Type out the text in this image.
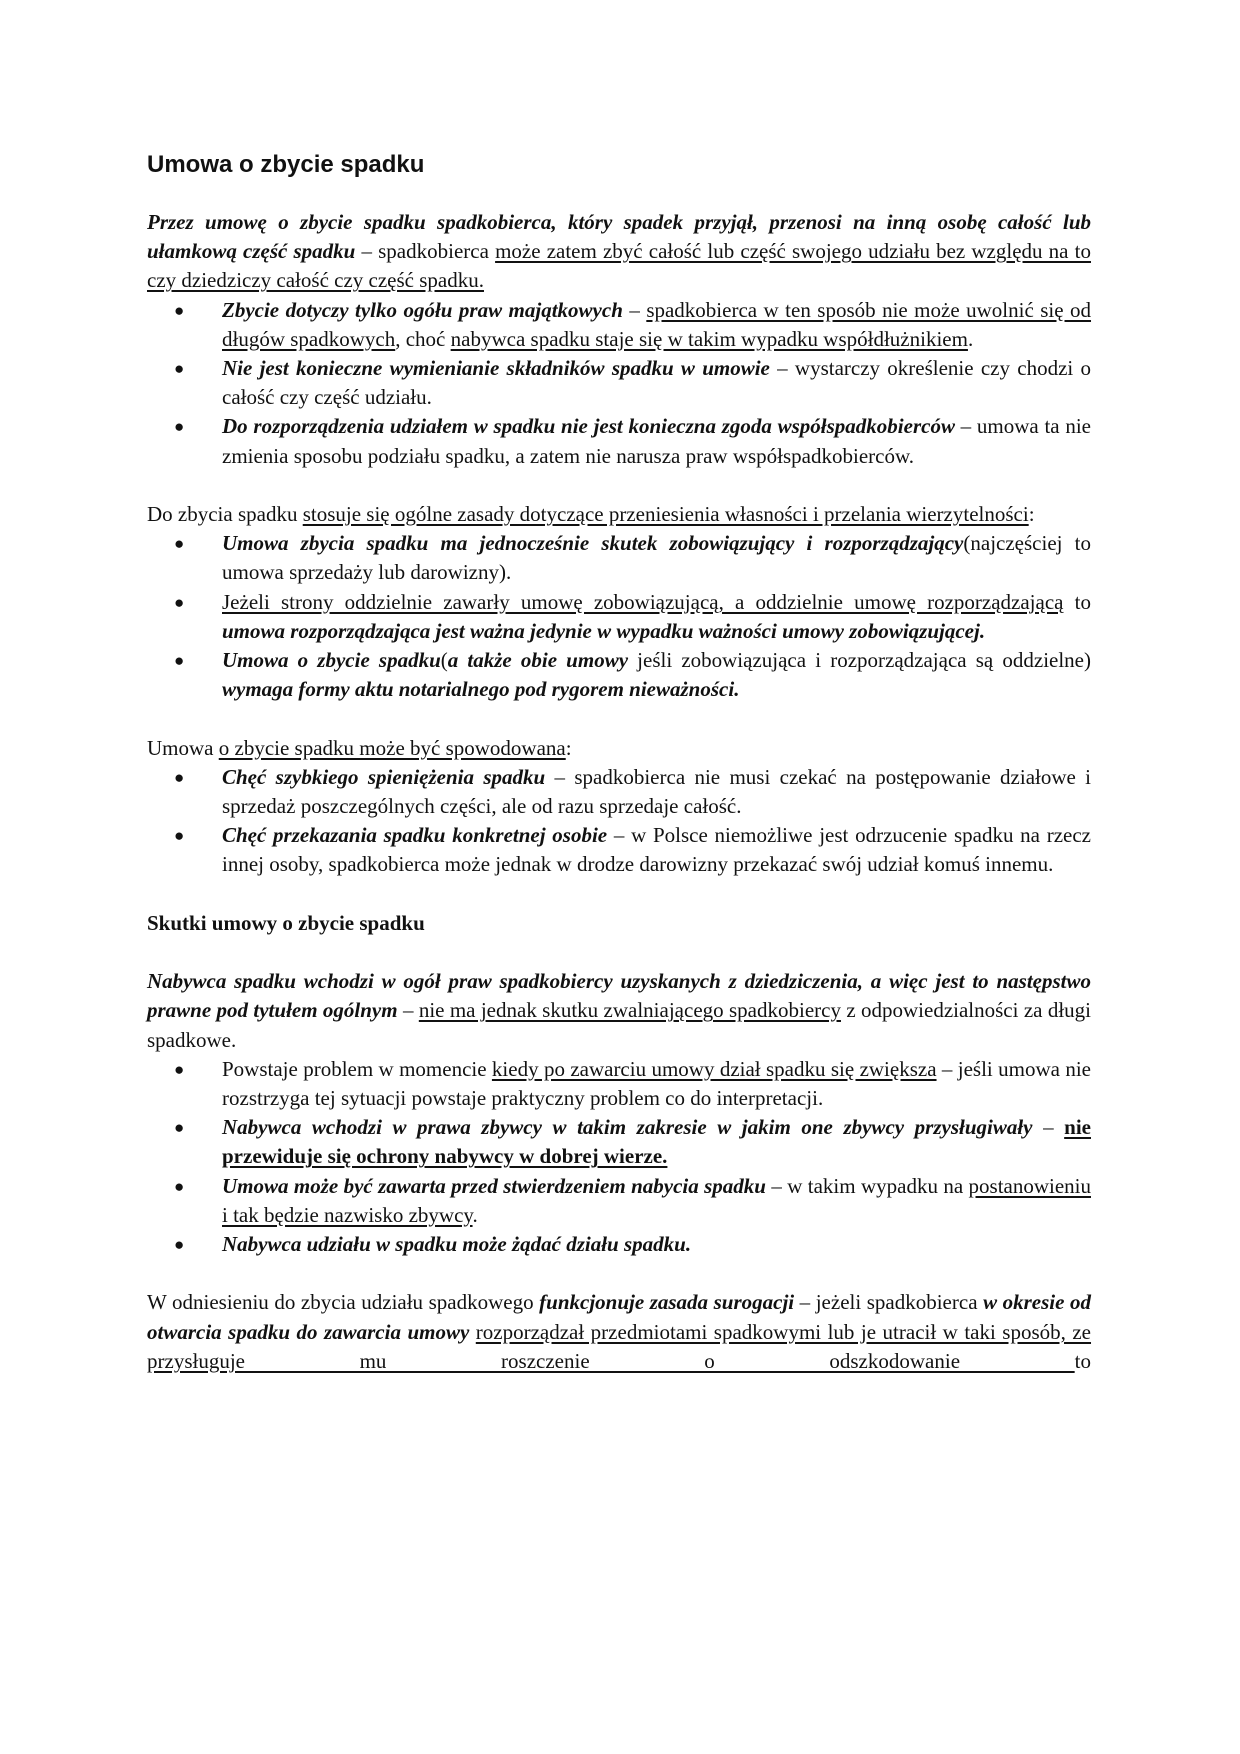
Umowa o zbycie spadku

Przez umowę o zbycie spadku spadkobierca, który spadek przyjął, przenosi na inną osobę całość lub ułamkową część spadku – spadkobierca może zatem zbyć całość lub część swojego udziału bez względu na to czy dziedziczy całość czy część spadku.

● Zbycie dotyczy tylko ogółu praw majątkowych – spadkobierca w ten sposób nie może uwolnić się od długów spadkowych, choć nabywca spadku staje się w takim wypadku współdłużnikiem.
● Nie jest konieczne wymienianie składników spadku w umowie – wystarczy określenie czy chodzi o całość czy część udziału.
● Do rozporządzenia udziałem w spadku nie jest konieczna zgoda współspadkobierców – umowa ta nie zmienia sposobu podziału spadku, a zatem nie narusza praw współspadkobierców.

Do zbycia spadku stosuje się ogólne zasady dotyczące przeniesienia własności i przelania wierzytelności:

● Umowa zbycia spadku ma jednocześnie skutek zobowiązujący i rozporządzający(najczęściej to umowa sprzedaży lub darowizny).
● Jeżeli strony oddzielnie zawarły umowę zobowiązującą, a oddzielnie umowę rozporządzającą to umowa rozporządzająca jest ważna jedynie w wypadku ważności umowy zobowiązującej.
● Umowa o zbycie spadku(a także obie umowy jeśli zobowiązująca i rozporządzająca są oddzielne) wymaga formy aktu notarialnego pod rygorem nieważności.

Umowa o zbycie spadku może być spowodowana:

● Chęć szybkiego spieniężenia spadku – spadkobierca nie musi czekać na postępowanie działowe i sprzedaż poszczególnych części, ale od razu sprzedaje całość.
● Chęć przekazania spadku konkretnej osobie – w Polsce niemożliwe jest odrzucenie spadku na rzecz innej osoby, spadkobierca może jednak w drodze darowizny przekazać swój udział komuś innemu.
Skutki umowy o zbycie spadku

Nabywca spadku wchodzi w ogół praw spadkobiercy uzyskanych z dziedziczenia, a więc jest to następstwo prawne pod tytułem ogólnym – nie ma jednak skutku zwalniającego spadkobiercy z odpowiedzialności za długi spadkowe.

● Powstaje problem w momencie kiedy po zawarciu umowy dział spadku się zwiększa – jeśli umowa nie rozstrzyga tej sytuacji powstaje praktyczny problem co do interpretacji.
● Nabywca wchodzi w prawa zbywcy w takim zakresie w jakim one zbywcy przysługiwały – nie przewiduje się ochrony nabywcy w dobrej wierze.
● Umowa może być zawarta przed stwierdzeniem nabycia spadku – w takim wypadku na postanowieniu i tak będzie nazwisko zbywcy.
● Nabywca udziału w spadku może żądać działu spadku.

W odniesieniu do zbycia udziału spadkowego funkcjonuje zasada surogacji – jeżeli spadkobierca w okresie od otwarcia spadku do zawarcia umowy rozporządzał przedmiotami spadkowymi lub je utracił w taki sposób, ze przysługuje mu roszczenie o odszkodowanie to
